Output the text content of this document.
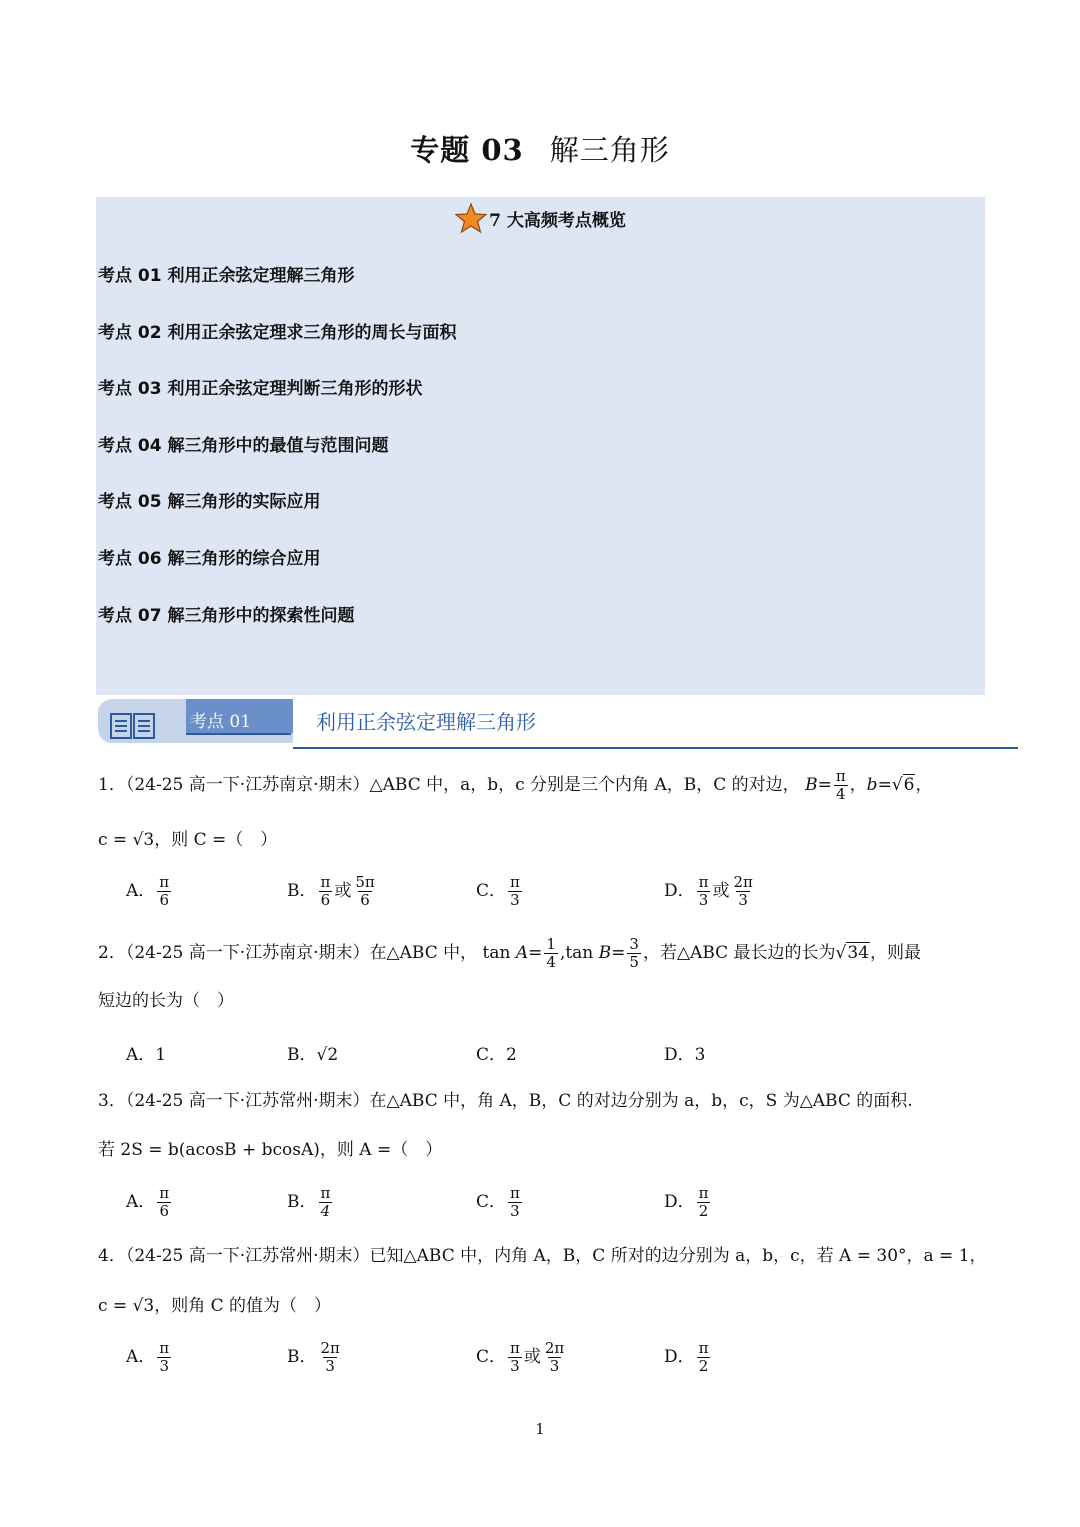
专题 03 解三角形
7 大高频考点概览
考点 01 利用正余弦定理解三角形
考点 02 利用正余弦定理求三角形的周长与面积
考点 03 利用正余弦定理判断三角形的形状
考点 04 解三角形中的最值与范围问题
考点 05 解三角形的实际应用
考点 06 解三角形的综合应用
考点 07 解三角形中的探索性问题
考点 01	利用正余弦定理解三角形
1．（24-25 高一下·江苏南京·期末）△ABC 中，a，b，c 分别是三个内角 A，B，C 的对边， $B= \frac{\pi}{4}$ ，b=√6，
c = √3，则 C =（　）
A． $\frac{\pi}{6}$	B． $\frac{\pi}{6}$ 或 $\frac{5\pi}{6}$	C． $\frac{\pi}{3}$	D． $\frac{\pi}{3}$ 或 $\frac{2\pi}{3}$
2．（24-25 高一下·江苏南京·期末）在△ABC 中， $\tan A= \frac{1}{4} ,\tan$ $B= \frac{3}{5}$ ，若△ABC 最长边的长为√34，则最
短边的长为（　）
A．1	B．√2	C．2	D．3
3．（24-25 高一下·江苏常州·期末）在△ABC 中，角 A，B，C 的对边分别为 a，b，c，S 为△ABC 的面积.
若 2S = b(acosB + bcosA)，则 A =（　）
A． $\frac{\pi}{6}$	B． $\frac{\pi}{4}$	C． $\frac{\pi}{3}$	D． $\frac{\pi}{2}$
4．（24-25 高一下·江苏常州·期末）已知△ABC 中，内角 A，B，C 所对的边分别为 a，b，c，若 A = 30°，a = 1，
c = √3，则角 C 的值为（　）
A． $\frac{\pi}{3}$	B． $\frac{2\pi}{3}$	C． $\frac{\pi}{3}$ 或 $\frac{2\pi}{3}$	D． $\frac{\pi}{2}$
1
